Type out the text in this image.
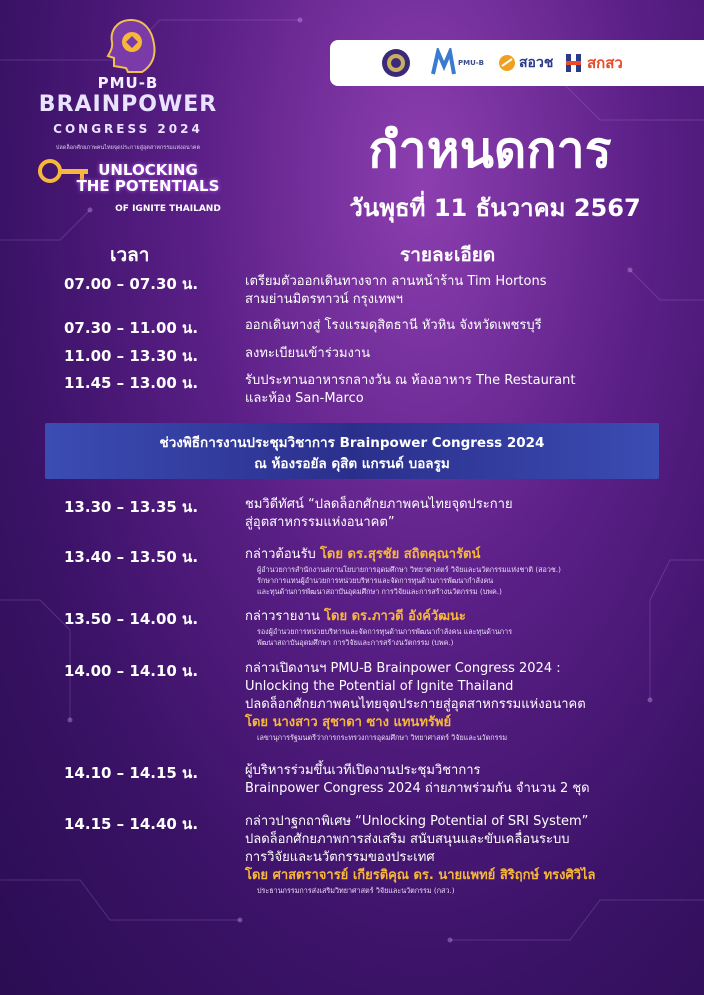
PMU-B
BRAINPOWER
CONGRESS 2024
ปลดล็อกศักยภาพคนไทยจุดประกายสู่อุตสาหกรรมแห่งอนาคต
UNLOCKING
THE POTENTIALS
OF IGNITE THAILAND
PMU-B สอวช สกสว
กำหนดการ
วันพุธที่ 11 ธันวาคม 2567
เวลา	รายละเอียด
07.00 – 07.30 น.	เตรียมตัวออกเดินทางจาก ลานหน้าร้าน Tim Hortons
สามย่านมิตรทาวน์ กรุงเทพฯ
07.30 – 11.00 น.	ออกเดินทางสู่ โรงแรมดุสิตธานี หัวหิน จังหวัดเพชรบุรี
11.00 – 13.30 น.	ลงทะเบียนเข้าร่วมงาน
11.45 – 13.00 น.	รับประทานอาหารกลางวัน ณ ห้องอาหาร The Restaurant
และห้อง San-Marco
ช่วงพิธีการงานประชุมวิชาการ Brainpower Congress 2024
ณ ห้องรอยัล ดุสิต แกรนด์ บอลรูม
13.30 – 13.35 น.	ชมวิดีทัศน์ “ปลดล็อกศักยภาพคนไทยจุดประกาย
สู่อุตสาหกรรมแห่งอนาคต”
13.40 – 13.50 น.	กล่าวต้อนรับ โดย ดร.สุรชัย สถิตคุณารัตน์
ผู้อำนวยการสำนักงานสภานโยบายการอุดมศึกษา วิทยาศาสตร์ วิจัยและนวัตกรรมแห่งชาติ (สอวช.)
รักษาการแทนผู้อำนวยการหน่วยบริหารและจัดการทุนด้านการพัฒนากำลังคน
และทุนด้านการพัฒนาสถาบันอุดมศึกษา การวิจัยและการสร้างนวัตกรรม (บพค.)
13.50 – 14.00 น.	กล่าวรายงาน โดย ดร.ภาวดี อังค์วัฒนะ
รองผู้อำนวยการหน่วยบริหารและจัดการทุนด้านการพัฒนากำลังคน และทุนด้านการ
พัฒนาสถาบันอุดมศึกษา การวิจัยและการสร้างนวัตกรรม (บพค.)
14.00 – 14.10 น.	กล่าวเปิดงานฯ PMU-B Brainpower Congress 2024 :
Unlocking the Potential of Ignite Thailand
ปลดล็อกศักยภาพคนไทยจุดประกายสู่อุตสาหกรรมแห่งอนาคต
โดย นางสาว สุชาดา ซาง แทนทรัพย์
เลขานุการรัฐมนตรีว่าการกระทรวงการอุดมศึกษา วิทยาศาสตร์ วิจัยและนวัตกรรม
14.10 – 14.15 น.	ผู้บริหารร่วมขึ้นเวทีเปิดงานประชุมวิชาการ
Brainpower Congress 2024 ถ่ายภาพร่วมกัน จำนวน 2 ชุด
14.15 – 14.40 น.	กล่าวปาฐกถาพิเศษ “Unlocking Potential of SRI System”
ปลดล็อกศักยภาพการส่งเสริม สนับสนุนและขับเคลื่อนระบบ
การวิจัยและนวัตกรรมของประเทศ
โดย ศาสตราจารย์ เกียรติคุณ ดร. นายแพทย์ สิริฤกษ์ ทรงศิวิไล
ประธานกรรมการส่งเสริมวิทยาศาสตร์ วิจัยและนวัตกรรม (กสว.)
